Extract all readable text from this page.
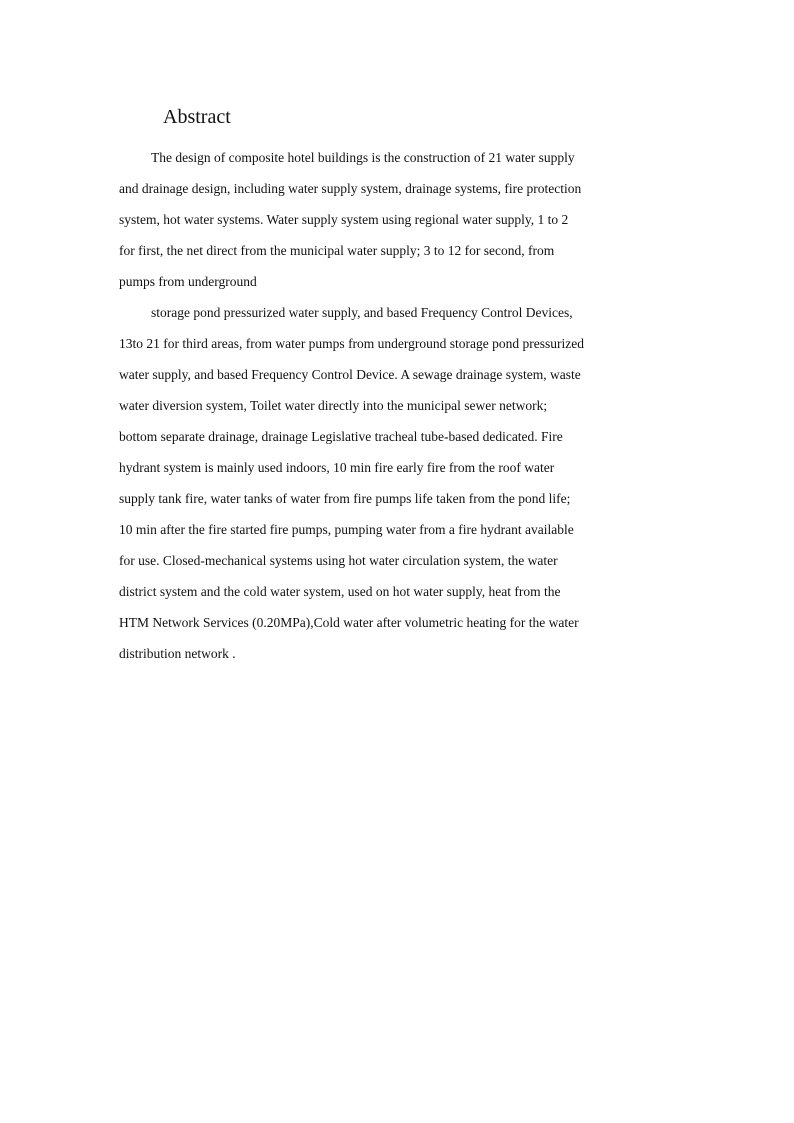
Abstract
The design of composite hotel buildings is the construction of 21 water supply
and drainage design, including water supply system, drainage systems, fire protection
system, hot water systems. Water supply system using regional water supply, 1 to 2
for first, the net direct from the municipal water supply; 3 to 12 for second, from
pumps from underground
storage pond pressurized water supply, and based Frequency Control Devices,
13to 21 for third areas, from water pumps from underground storage pond pressurized
water supply, and based Frequency Control Device. A sewage drainage system, waste
water diversion system, Toilet water directly into the municipal sewer network;
bottom separate drainage, drainage Legislative tracheal tube-based dedicated. Fire
hydrant system is mainly used indoors, 10 min fire early fire from the roof water
supply tank fire, water tanks of water from fire pumps life taken from the pond life;
10 min after the fire started fire pumps, pumping water from a fire hydrant available
for use. Closed-mechanical systems using hot water circulation system, the water
district system and the cold water system, used on hot water supply, heat from the
HTM Network Services (0.20MPa),Cold water after volumetric heating for the water
distribution network .
